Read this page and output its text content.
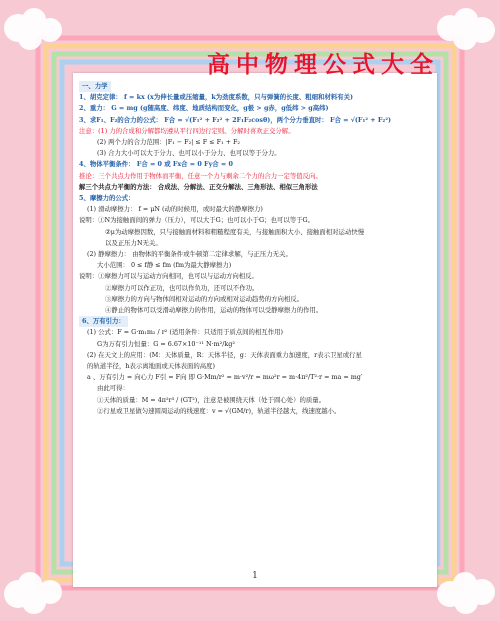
高中物理公式大全
一、力学
1、胡克定律： f = kx (x为伸长量或压缩量，k为劲度系数，只与弹簧的长度、粗细和材料有关)
2、重力： G = mg (g随高度、纬度、地质结构而变化，g极 > g赤，g低纬 > g高纬)
3、求F₁、F₂的合力的公式： F合 = √(F₁² + F₂² + 2F₁F₂cosθ)，两个分力垂直时： F合 = √(F₁² + F₂²)
注意：(1) 力的合成和分解都均遵从平行四边行定则。分解时喜欢正交分解。
(2) 两个力的合力范围：|F₁ − F₂| ≤ F ≤ F₁ + F₂
(3) 合力大小可以大于分力、也可以小于分力、也可以等于分力。
4、物体平衡条件： F合 = 0 或 Fx合 = 0 Fy合 = 0
推论：三个共点力作用于物体而平衡，任意一个力与剩余二个力的合力一定等值反向。
解三个共点力平衡的方法： 合成法、分解法、正交分解法、三角形法、相似三角形法
5、摩擦力的公式：
(1) 滑动摩擦力： f = μN (动的时候用，或时最大的静摩擦力)
说明：①N为接触面间的弹力（压力），可以大于G；也可以小于G；也可以等于G。
②μ为动摩擦因数，只与接触面材料和粗糙程度有关，与接触面积大小、接触面相对运动快慢
以及正压力N无关。
(2) 静摩擦力： 由物体的平衡条件或牛顿第二定律求解，与正压力无关。
大小范围： 0 ≤ f静 ≤ fm (fm为最大静摩擦力)
说明：①摩擦力可以与运动方向相同，也可以与运动方向相反。
②摩擦力可以作正功，也可以作负功，还可以不作功。
③摩擦力的方向与物体间相对运动的方向或相对运动趋势的方向相反。
④静止的物体可以受滑动摩擦力的作用，运动的物体可以受静摩擦力的作用。
6、万有引力：
(1) 公式：F = G·m₁m₂ / r² (适用条件：只适用于质点间的相互作用)
G为万有引力恒量：G = 6.67×10⁻¹¹ N·m²/kg²
(2) 在天文上的应用：(M：天体质量，R：天体半径，g：天体表面重力加速度，r表示卫星或行星
的轨道半径，h表示离地面或天体表面的高度)
a 、万有引力 = 向心力 F引 = F向 即 G·Mm/r² = m·v²/r = mω²r = m·4π²/T²·r = ma = mg′
由此可得：
①天体的质量：M = 4π²r³ / (GT²)，注意是被围绕天体（处于圆心处）的质量。
②行星或卫星做匀速圆周运动的线速度：v = √(GM/r)，轨道半径越大，线速度越小。
1
